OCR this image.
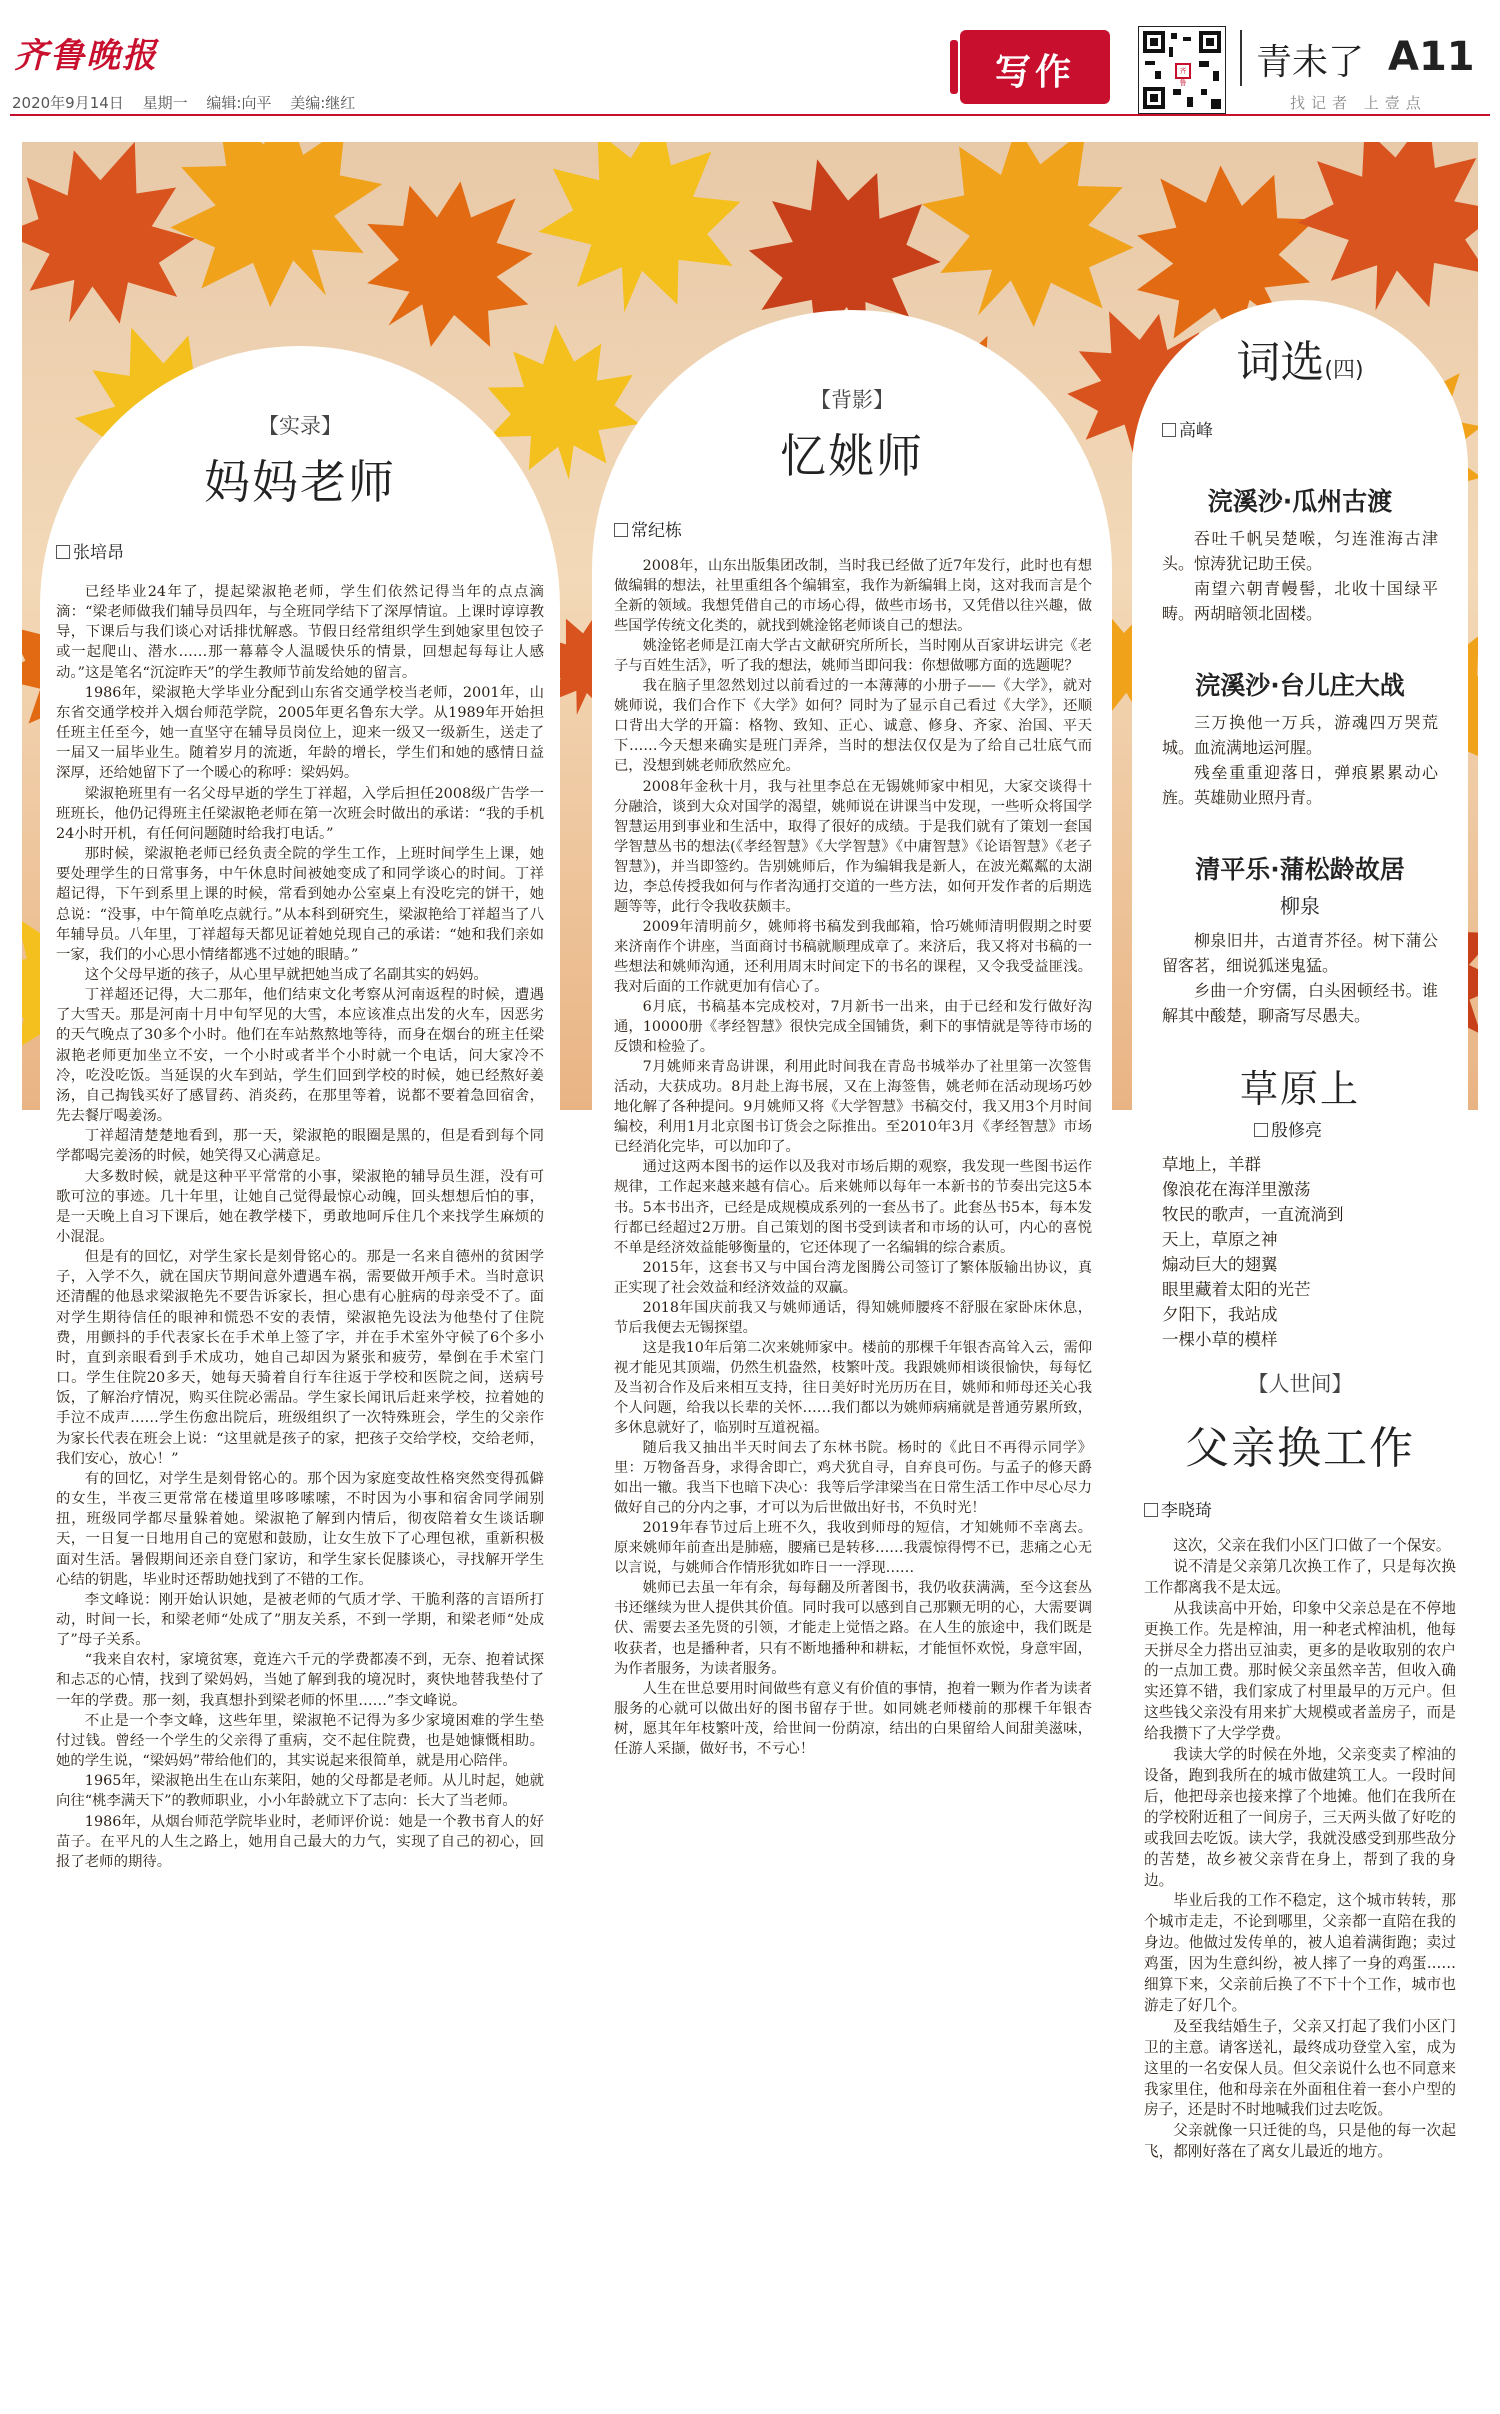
齐鲁晚报
2020年9月14日 星期一 编辑:向平 美编:继红
写作	齐鲁 青未了 A11
找记者 上壹点
【实录】
妈妈老师
张培昂

已经毕业24年了，提起梁淑艳老师，学生们依然记得当年的点点滴滴：“梁老师做我们辅导员四年，与全班同学结下了深厚情谊。上课时谆谆教导，下课后与我们谈心对话排忧解惑。节假日经常组织学生到她家里包饺子或一起爬山、潜水……那一幕幕令人温暖快乐的情景，回想起每每让人感动。”这是笔名“沉淀昨天”的学生教师节前发给她的留言。

1986年，梁淑艳大学毕业分配到山东省交通学校当老师，2001年，山东省交通学校并入烟台师范学院，2005年更名鲁东大学。从1989年开始担任班主任至今，她一直坚守在辅导员岗位上，迎来一级又一级新生，送走了一届又一届毕业生。随着岁月的流逝，年龄的增长，学生们和她的感情日益深厚，还给她留下了一个暖心的称呼：梁妈妈。

梁淑艳班里有一名父母早逝的学生丁祥超，入学后担任2008级广告学一班班长，他仍记得班主任梁淑艳老师在第一次班会时做出的承诺：“我的手机24小时开机，有任何问题随时给我打电话。”

那时候，梁淑艳老师已经负责全院的学生工作，上班时间学生上课，她要处理学生的日常事务，中午休息时间被她变成了和同学谈心的时间。丁祥超记得，下午到系里上课的时候，常看到她办公室桌上有没吃完的饼干，她总说：“没事，中午简单吃点就行。”从本科到研究生，梁淑艳给丁祥超当了八年辅导员。八年里，丁祥超每天都见证着她兑现自己的承诺：“她和我们亲如一家，我们的小心思小情绪都逃不过她的眼睛。”

这个父母早逝的孩子，从心里早就把她当成了名副其实的妈妈。

丁祥超还记得，大二那年，他们结束文化考察从河南返程的时候，遭遇了大雪天。那是河南十月中旬罕见的大雪，本应该准点出发的火车，因恶劣的天气晚点了30多个小时。他们在车站熬熬地等待，而身在烟台的班主任梁淑艳老师更加坐立不安，一个小时或者半个小时就一个电话，问大家冷不冷，吃没吃饭。当延误的火车到站，学生们回到学校的时候，她已经熬好姜汤，自己掏钱买好了感冒药、消炎药，在那里等着，说都不要着急回宿舍，先去餐厅喝姜汤。

丁祥超清楚楚地看到，那一天，梁淑艳的眼圈是黑的，但是看到每个同学都喝完姜汤的时候，她笑得又心满意足。

大多数时候，就是这种平平常常的小事，梁淑艳的辅导员生涯，没有可歌可泣的事迹。几十年里，让她自己觉得最惊心动魄，回头想想后怕的事，是一天晚上自习下课后，她在教学楼下，勇敢地呵斥住几个来找学生麻烦的小混混。

但是有的回忆，对学生家长是刻骨铭心的。那是一名来自德州的贫困学子，入学不久，就在国庆节期间意外遭遇车祸，需要做开颅手术。当时意识还清醒的他恳求梁淑艳先不要告诉家长，担心患有心脏病的母亲受不了。面对学生期待信任的眼神和慌恐不安的表情，梁淑艳先设法为他垫付了住院费，用颤抖的手代表家长在手术单上签了字，并在手术室外守候了6个多小时，直到亲眼看到手术成功，她自己却因为紧张和疲劳，晕倒在手术室门口。学生住院20多天，她每天骑着自行车往返于学校和医院之间，送病号饭，了解治疗情况，购买住院必需品。学生家长闻讯后赶来学校，拉着她的手泣不成声……学生伤愈出院后，班级组织了一次特殊班会，学生的父亲作为家长代表在班会上说：“这里就是孩子的家，把孩子交给学校，交给老师，我们安心，放心！”

有的回忆，对学生是刻骨铭心的。那个因为家庭变故性格突然变得孤僻的女生，半夜三更常常在楼道里哆哆嗦嗦，不时因为小事和宿舍同学闹别扭，班级同学都尽量躲着她。梁淑艳了解到内情后，彻夜陪着女生谈话聊天，一日复一日地用自己的宽慰和鼓励，让女生放下了心理包袱，重新积极面对生活。暑假期间还亲自登门家访，和学生家长促膝谈心，寻找解开学生心结的钥匙，毕业时还帮助她找到了不错的工作。

李文峰说：刚开始认识她，是被老师的气质才学、干脆利落的言语所打动，时间一长，和梁老师“处成了”朋友关系，不到一学期，和梁老师“处成了”母子关系。

“我来自农村，家境贫寒，竟连六千元的学费都凑不到，无奈、抱着试探和忐忑的心情，找到了梁妈妈，当她了解到我的境况时，爽快地替我垫付了一年的学费。那一刻，我真想扑到梁老师的怀里……”李文峰说。

不止是一个李文峰，这些年里，梁淑艳不记得为多少家境困难的学生垫付过钱。曾经一个学生的父亲得了重病，交不起住院费，也是她慷慨相助。她的学生说，“梁妈妈”带给他们的，其实说起来很简单，就是用心陪伴。

1965年，梁淑艳出生在山东莱阳，她的父母都是老师。从儿时起，她就向往“桃李满天下”的教师职业，小小年龄就立下了志向：长大了当老师。

1986年，从烟台师范学院毕业时，老师评价说：她是一个教书育人的好苗子。在平凡的人生之路上，她用自己最大的力气，实现了自己的初心，回报了老师的期待。

【背影】
忆姚师
常纪栋

2008年，山东出版集团改制，当时我已经做了近7年发行，此时也有想做编辑的想法，社里重组各个编辑室，我作为新编辑上岗，这对我而言是个全新的领域。我想凭借自己的市场心得，做些市场书，又凭借以往兴趣，做些国学传统文化类的，就找到姚淦铭老师谈自己的想法。

姚淦铭老师是江南大学古文献研究所所长，当时刚从百家讲坛讲完《老子与百姓生活》，听了我的想法，姚师当即问我：你想做哪方面的选题呢？

我在脑子里忽然划过以前看过的一本薄薄的小册子——《大学》，就对姚师说，我们合作下《大学》如何？同时为了显示自己看过《大学》，还顺口背出大学的开篇：格物、致知、正心、诚意、修身、齐家、治国、平天下……今天想来确实是班门弄斧，当时的想法仅仅是为了给自己壮底气而已，没想到姚老师欣然应允。

2008年金秋十月，我与社里李总在无锡姚师家中相见，大家交谈得十分融洽，谈到大众对国学的渴望，姚师说在讲课当中发现，一些听众将国学智慧运用到事业和生活中，取得了很好的成绩。于是我们就有了策划一套国学智慧丛书的想法(《孝经智慧》《大学智慧》《中庸智慧》《论语智慧》《老子智慧》)，并当即签约。告别姚师后，作为编辑我是新人，在波光粼粼的太湖边，李总传授我如何与作者沟通打交道的一些方法，如何开发作者的后期选题等等，此行令我收获颇丰。

2009年清明前夕，姚师将书稿发到我邮箱，恰巧姚师清明假期之时要来济南作个讲座，当面商讨书稿就顺理成章了。来济后，我又将对书稿的一些想法和姚师沟通，还利用周末时间定下的书名的课程，又令我受益匪浅。我对后面的工作就更加有信心了。

6月底，书稿基本完成校对，7月新书一出来，由于已经和发行做好沟通，10000册《孝经智慧》很快完成全国铺货，剩下的事情就是等待市场的反馈和检验了。

7月姚师来青岛讲课，利用此时间我在青岛书城举办了社里第一次签售活动，大获成功。8月赴上海书展，又在上海签售，姚老师在活动现场巧妙地化解了各种提问。9月姚师又将《大学智慧》书稿交付，我又用3个月时间编校，利用1月北京图书订货会之际推出。至2010年3月《孝经智慧》市场已经消化完毕，可以加印了。

通过这两本图书的运作以及我对市场后期的观察，我发现一些图书运作规律，工作起来越来越有信心。后来姚师以每年一本新书的节奏出完这5本书。5本书出齐，已经是成规模成系列的一套丛书了。此套丛书5本，每本发行都已经超过2万册。自己策划的图书受到读者和市场的认可，内心的喜悦不单是经济效益能够衡量的，它还体现了一名编辑的综合素质。

2015年，这套书又与中国台湾龙图腾公司签订了繁体版输出协议，真正实现了社会效益和经济效益的双赢。

2018年国庆前我又与姚师通话，得知姚师腰疼不舒服在家卧床休息，节后我便去无锡探望。

这是我10年后第二次来姚师家中。楼前的那棵千年银杏高耸入云，需仰视才能见其顶端，仍然生机盎然，枝繁叶茂。我跟姚师相谈很愉快，每每忆及当初合作及后来相互支持，往日美好时光历历在目，姚师和师母还关心我个人问题，给我以长辈的关怀……我们都以为姚师病痛就是普通劳累所致，多休息就好了，临别时互道祝福。

随后我又抽出半天时间去了东林书院。杨时的《此日不再得示同学》里：万物备吾身，求得舍即亡，鸡犬犹自寻，自弃良可伤。与孟子的修天爵如出一辙。我当下也暗下决心：我等后学津梁当在日常生活工作中尽心尽力做好自己的分内之事，才可以为后世做出好书，不负时光！

2019年春节过后上班不久，我收到师母的短信，才知姚师不幸离去。原来姚师年前查出是肺癌，腰痛已是转移……我震惊得愕不已，悲痛之心无以言说，与姚师合作情形犹如昨日一一浮现……

姚师已去虽一年有余，每每翻及所著图书，我仍收获满满，至今这套丛书还继续为世人提供其价值。同时我可以感到自己那颗无明的心，大需要调伏、需要去圣先贤的引领，才能走上觉悟之路。在人生的旅途中，我们既是收获者，也是播种者，只有不断地播种和耕耘，才能恒怀欢悦，身意牢固，为作者服务，为读者服务。

人生在世总要用时间做些有意义有价值的事情，抱着一颗为作者为读者服务的心就可以做出好的图书留存于世。如同姚老师楼前的那棵千年银杏树，愿其年年枝繁叶茂，给世间一份荫凉，结出的白果留给人间甜美滋味，任游人采撷，做好书，不亏心！

词选(四)
高峰
浣溪沙·瓜州古渡

吞吐千帆吴楚喉，匀连淮海古津头。惊涛犹记助王侯。

南望六朝青幔髻，北收十国绿平畴。两胡暗领北固楼。

浣溪沙·台儿庄大战

三万换他一万兵，游魂四万哭荒城。血流满地运河腥。

残垒重重迎落日，弹痕累累动心旌。英雄勋业照丹青。

清平乐·蒲松龄故居
柳泉

柳泉旧井，古道青芥径。树下蒲公留客茗，细说狐迷鬼猛。

乡曲一介穷儒，白头困顿经书。谁解其中酸楚，聊斋写尽愚夫。

草原上
殷修亮
草地上，羊群
像浪花在海洋里激荡
牧民的歌声，一直流淌到
天上，草原之神
煽动巨大的翅翼
眼里藏着太阳的光芒
夕阳下，我站成
一棵小草的模样
【人世间】
父亲换工作
李晓琦

这次，父亲在我们小区门口做了一个保安。

说不清是父亲第几次换工作了，只是每次换工作都离我不是太远。

从我读高中开始，印象中父亲总是在不停地更换工作。先是榨油，用一种老式榨油机，他每天拼尽全力搭出豆油卖，更多的是收取别的农户的一点加工费。那时候父亲虽然辛苦，但收入确实还算不错，我们家成了村里最早的万元户。但这些钱父亲没有用来扩大规模或者盖房子，而是给我攒下了大学学费。

我读大学的时候在外地，父亲变卖了榨油的设备，跑到我所在的城市做建筑工人。一段时间后，他把母亲也接来撑了个地摊。他们在我所在的学校附近租了一间房子，三天两头做了好吃的或我回去吃饭。读大学，我就没感受到那些敌分的苦楚，故乡被父亲背在身上，帮到了我的身边。

毕业后我的工作不稳定，这个城市转转，那个城市走走，不论到哪里，父亲都一直陪在我的身边。他做过发传单的，被人追着满街跑；卖过鸡蛋，因为生意纠纷，被人摔了一身的鸡蛋……细算下来，父亲前后换了不下十个工作，城市也游走了好几个。

及至我结婚生子，父亲又打起了我们小区门卫的主意。请客送礼，最终成功登堂入室，成为这里的一名安保人员。但父亲说什么也不同意来我家里住，他和母亲在外面租住着一套小户型的房子，还是时不时地喊我们过去吃饭。

父亲就像一只迁徙的鸟，只是他的每一次起飞，都刚好落在了离女儿最近的地方。
